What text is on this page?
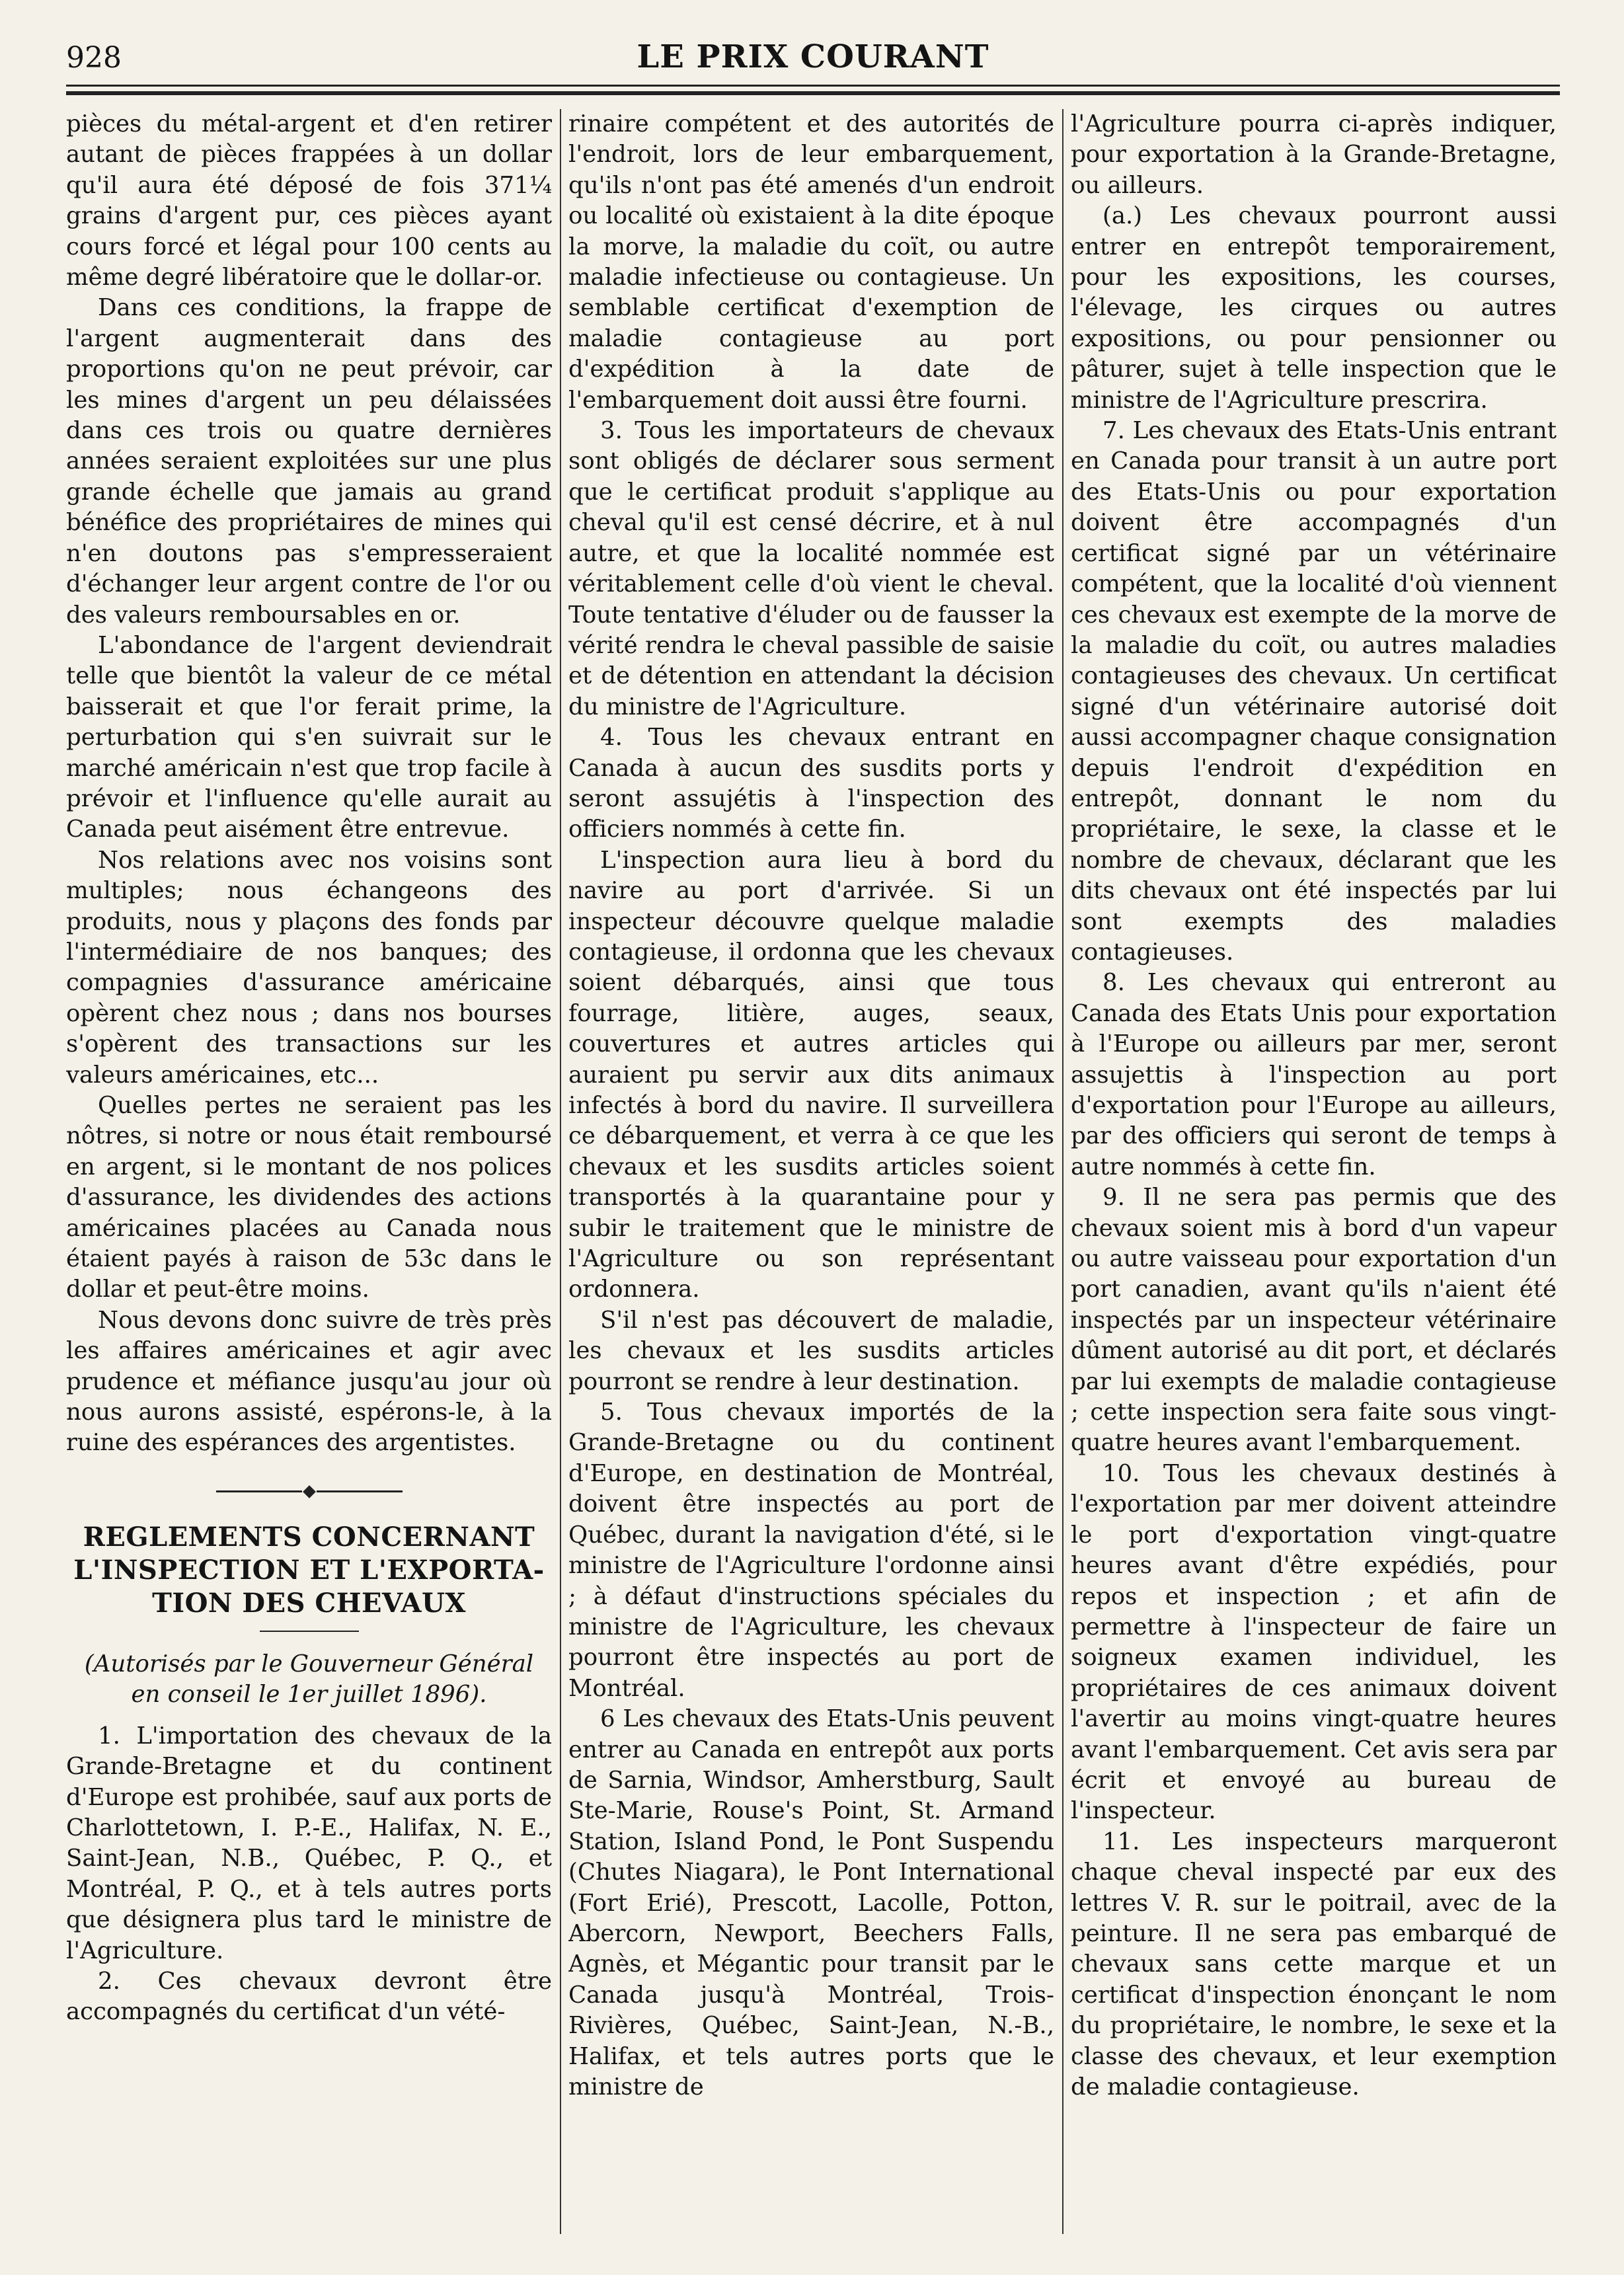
928	LE PRIX COURANT

pièces du métal-argent et d'en retirer autant de pièces frappées à un dollar qu'il aura été déposé de fois 371¼ grains d'argent pur, ces pièces ayant cours forcé et légal pour 100 cents au même degré libératoire que le dollar-or.

Dans ces conditions, la frappe de l'argent augmenterait dans des proportions qu'on ne peut prévoir, car les mines d'argent un peu délaissées dans ces trois ou quatre dernières années seraient exploitées sur une plus grande échelle que jamais au grand bénéfice des propriétaires de mines qui n'en doutons pas s'empresseraient d'échanger leur argent contre de l'or ou des valeurs remboursables en or.

L'abondance de l'argent deviendrait telle que bientôt la valeur de ce métal baisserait et que l'or ferait prime, la perturbation qui s'en suivrait sur le marché américain n'est que trop facile à prévoir et l'influence qu'elle aurait au Canada peut aisément être entrevue.

Nos relations avec nos voisins sont multiples; nous échangeons des produits, nous y plaçons des fonds par l'intermédiaire de nos banques; des compagnies d'assurance américaine opèrent chez nous ; dans nos bourses s'opèrent des transactions sur les valeurs américaines, etc...

Quelles pertes ne seraient pas les nôtres, si notre or nous était remboursé en argent, si le montant de nos polices d'assurance, les dividendes des actions américaines placées au Canada nous étaient payés à raison de 53c dans le dollar et peut-être moins.

Nous devons donc suivre de très près les affaires américaines et agir avec prudence et méfiance jusqu'au jour où nous aurons assisté, espérons-le, à la ruine des espérances des argentistes.

REGLEMENTS CONCERNANT
L'INSPECTION ET L'EXPORTA-
TION DES CHEVAUX
(Autorisés par le Gouverneur Général
en conseil le 1er juillet 1896).

1. L'importation des chevaux de la Grande-Bretagne et du continent d'Europe est prohibée, sauf aux ports de Charlottetown, I. P.-E., Halifax, N. E., Saint-Jean, N.B., Québec, P. Q., et Montréal, P. Q., et à tels autres ports que désignera plus tard le ministre de l'Agriculture.

2. Ces chevaux devront être accompagnés du certificat d'un vété-

rinaire compétent et des autorités de l'endroit, lors de leur embarquement, qu'ils n'ont pas été amenés d'un endroit ou localité où existaient à la dite époque la morve, la maladie du coït, ou autre maladie infectieuse ou contagieuse. Un semblable certificat d'exemption de maladie contagieuse au port d'expédition à la date de l'embarquement doit aussi être fourni.

3. Tous les importateurs de chevaux sont obligés de déclarer sous serment que le certificat produit s'applique au cheval qu'il est censé décrire, et à nul autre, et que la localité nommée est véritablement celle d'où vient le cheval. Toute tentative d'éluder ou de fausser la vérité rendra le cheval passible de saisie et de détention en attendant la décision du ministre de l'Agriculture.

4. Tous les chevaux entrant en Canada à aucun des susdits ports y seront assujétis à l'inspection des officiers nommés à cette fin.

L'inspection aura lieu à bord du navire au port d'arrivée. Si un inspecteur découvre quelque maladie contagieuse, il ordonna que les chevaux soient débarqués, ainsi que tous fourrage, litière, auges, seaux, couvertures et autres articles qui auraient pu servir aux dits animaux infectés à bord du navire. Il surveillera ce débarquement, et verra à ce que les chevaux et les susdits articles soient transportés à la quarantaine pour y subir le traitement que le ministre de l'Agriculture ou son représentant ordonnera.

S'il n'est pas découvert de maladie, les chevaux et les susdits articles pourront se rendre à leur destination.

5. Tous chevaux importés de la Grande-Bretagne ou du continent d'Europe, en destination de Montréal, doivent être inspectés au port de Québec, durant la navigation d'été, si le ministre de l'Agriculture l'ordonne ainsi ; à défaut d'instructions spéciales du ministre de l'Agriculture, les chevaux pourront être inspectés au port de Montréal.

6 Les chevaux des Etats-Unis peuvent entrer au Canada en entrepôt aux ports de Sarnia, Windsor, Amherstburg, Sault Ste-Marie, Rouse's Point, St. Armand Station, Island Pond, le Pont Suspendu (Chutes Niagara), le Pont International (Fort Erié), Prescott, Lacolle, Potton, Abercorn, Newport, Beechers Falls, Agnès, et Mégantic pour transit par le Canada jusqu'à Montréal, Trois-Rivières, Québec, Saint-Jean, N.-B., Halifax, et tels autres ports que le ministre de

l'Agriculture pourra ci-après indiquer, pour exportation à la Grande-Bretagne, ou ailleurs.

(a.) Les chevaux pourront aussi entrer en entrepôt temporairement, pour les expositions, les courses, l'élevage, les cirques ou autres expositions, ou pour pensionner ou pâturer, sujet à telle inspection que le ministre de l'Agriculture prescrira.

7. Les chevaux des Etats-Unis entrant en Canada pour transit à un autre port des Etats-Unis ou pour exportation doivent être accompagnés d'un certificat signé par un vétérinaire compétent, que la localité d'où viennent ces chevaux est exempte de la morve de la maladie du coït, ou autres maladies contagieuses des chevaux. Un certificat signé d'un vétérinaire autorisé doit aussi accompagner chaque consignation depuis l'endroit d'expédition en entrepôt, donnant le nom du propriétaire, le sexe, la classe et le nombre de chevaux, déclarant que les dits chevaux ont été inspectés par lui sont exempts des maladies contagieuses.

8. Les chevaux qui entreront au Canada des Etats Unis pour exportation à l'Europe ou ailleurs par mer, seront assujettis à l'inspection au port d'exportation pour l'Europe au ailleurs, par des officiers qui seront de temps à autre nommés à cette fin.

9. Il ne sera pas permis que des chevaux soient mis à bord d'un vapeur ou autre vaisseau pour exportation d'un port canadien, avant qu'ils n'aient été inspectés par un inspecteur vétérinaire dûment autorisé au dit port, et déclarés par lui exempts de maladie contagieuse ; cette inspection sera faite sous vingt-quatre heures avant l'embarquement.

10. Tous les chevaux destinés à l'exportation par mer doivent atteindre le port d'exportation vingt-quatre heures avant d'être expédiés, pour repos et inspection ; et afin de permettre à l'inspecteur de faire un soigneux examen individuel, les propriétaires de ces animaux doivent l'avertir au moins vingt-quatre heures avant l'embarquement. Cet avis sera par écrit et envoyé au bureau de l'inspecteur.

11. Les inspecteurs marqueront chaque cheval inspecté par eux des lettres V. R. sur le poitrail, avec de la peinture. Il ne sera pas embarqué de chevaux sans cette marque et un certificat d'inspection énonçant le nom du propriétaire, le nombre, le sexe et la classe des chevaux, et leur exemption de maladie contagieuse.
